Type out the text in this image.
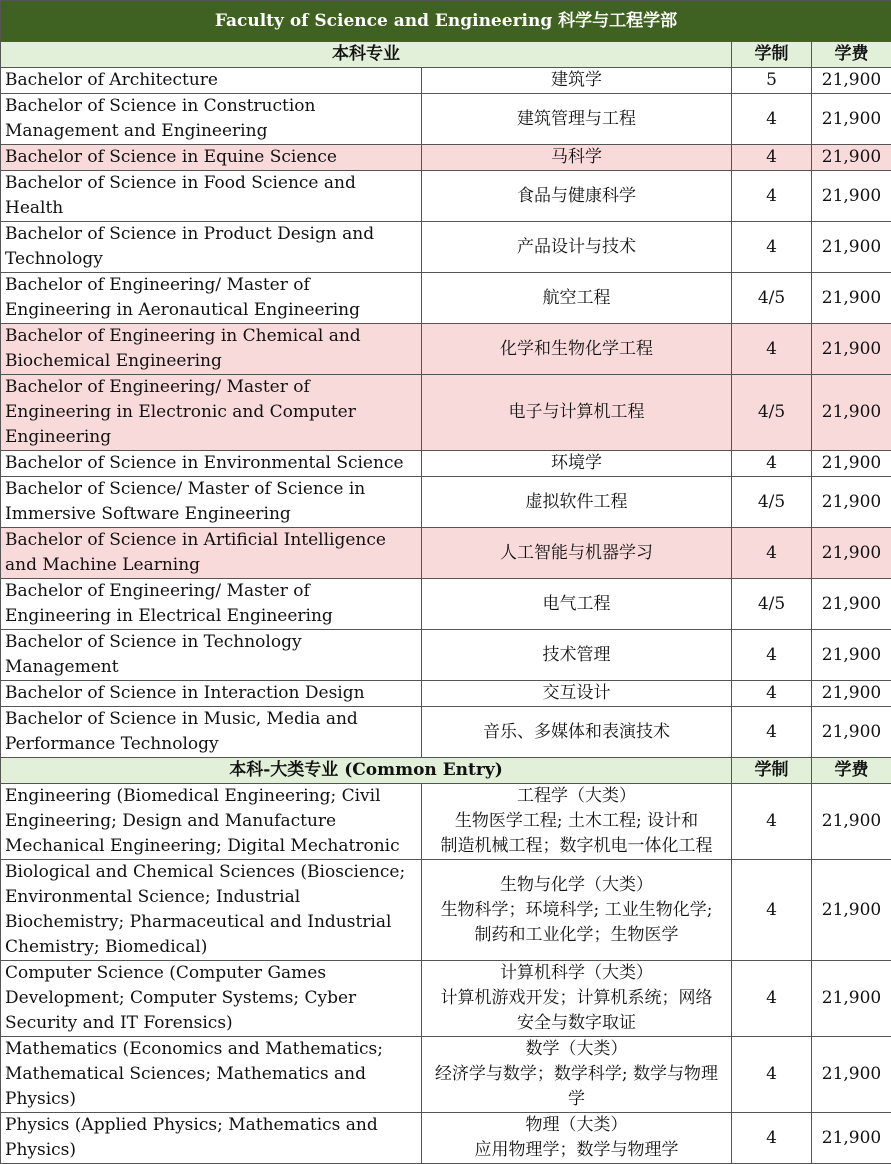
Faculty of Science and Engineering 科学与工程学部			
本科专业		学制	学费
Bachelor of Architecture	建筑学	5	21,900
Bachelor of Science in Construction Management and Engineering	建筑管理与工程	4	21,900
Bachelor of Science in Equine Science	马科学	4	21,900
Bachelor of Science in Food Science and Health	食品与健康科学	4	21,900
Bachelor of Science in Product Design and Technology	产品设计与技术	4	21,900
Bachelor of Engineering/ Master of Engineering in Aeronautical Engineering	航空工程	4/5	21,900
Bachelor of Engineering in Chemical and Biochemical Engineering	化学和生物化学工程	4	21,900
Bachelor of Engineering/ Master of Engineering in Electronic and Computer Engineering	电子与计算机工程	4/5	21,900
Bachelor of Science in Environmental Science	环境学	4	21,900
Bachelor of Science/ Master of Science in Immersive Software Engineering	虚拟软件工程	4/5	21,900
Bachelor of Science in Artificial Intelligence and Machine Learning	人工智能与机器学习	4	21,900
Bachelor of Engineering/ Master of Engineering in Electrical Engineering	电气工程	4/5	21,900
Bachelor of Science in Technology Management	技术管理	4	21,900
Bachelor of Science in Interaction Design	交互设计	4	21,900
Bachelor of Science in Music, Media and Performance Technology	音乐、多媒体和表演技术	4	21,900
本科-大类专业 (Common Entry)		学制	学费
Engineering (Biomedical Engineering; Civil Engineering; Design and Manufacture Mechanical Engineering; Digital Mechatronic	工程学（大类）
生物医学工程; 土木工程; 设计和
制造机械工程；数字机电一体化工程	4	21,900
Biological and Chemical Sciences (Bioscience; Environmental Science; Industrial Biochemistry; Pharmaceutical and Industrial Chemistry; Biomedical)	生物与化学（大类）
生物科学；环境科学; 工业生物化学;
制药和工业化学；生物医学	4	21,900
Computer Science (Computer Games Development; Computer Systems; Cyber Security and IT Forensics)	计算机科学（大类）
计算机游戏开发；计算机系统；网络
安全与数字取证	4	21,900
Mathematics (Economics and Mathematics; Mathematical Sciences; Mathematics and Physics)	数学（大类）
经济学与数学；数学科学; 数学与物理
学	4	21,900
Physics (Applied Physics; Mathematics and Physics)	物理（大类）
应用物理学；数学与物理学	4	21,900
